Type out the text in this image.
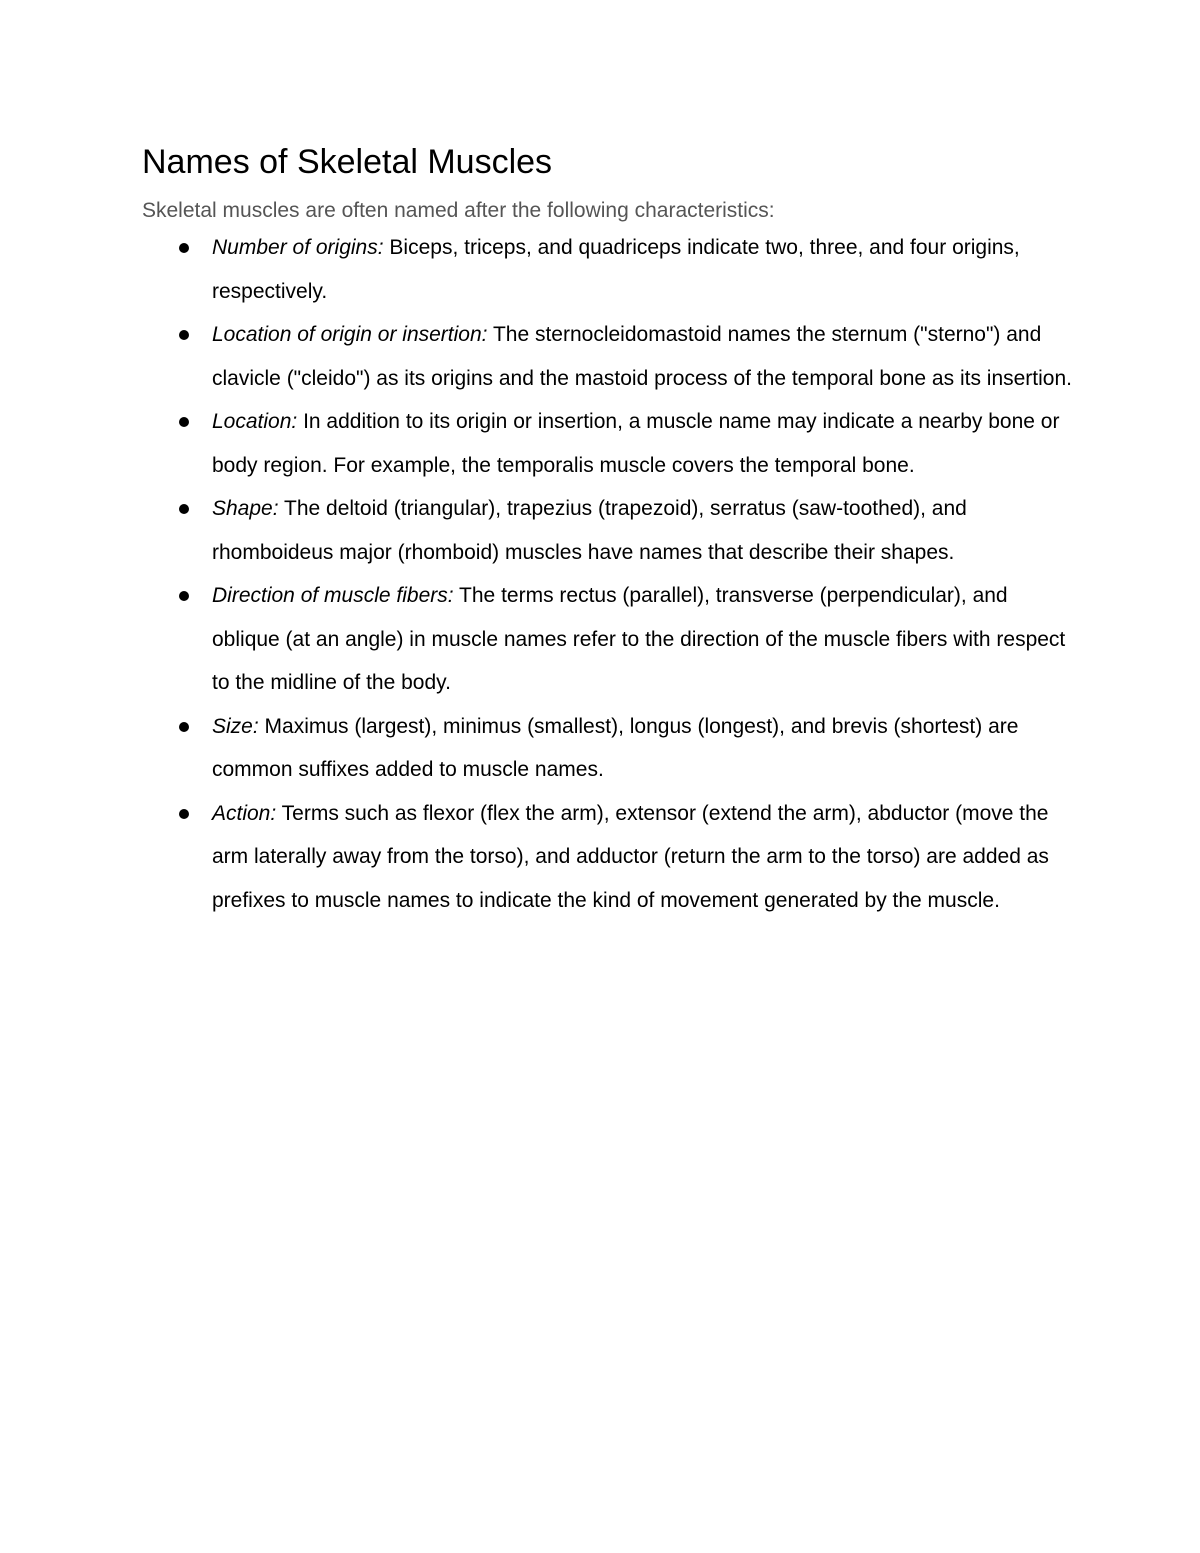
Names of Skeletal Muscles

Skeletal muscles are often named after the following characteristics:

Number of origins: Biceps, triceps, and quadriceps indicate two, three, and four origins, respectively.
Location of origin or insertion: The sternocleidomastoid names the sternum ("sterno") and clavicle ("cleido") as its origins and the mastoid process of the temporal bone as its insertion.
Location: In addition to its origin or insertion, a muscle name may indicate a nearby bone or body region. For example, the temporalis muscle covers the temporal bone.
Shape: The deltoid (triangular), trapezius (trapezoid), serratus (saw-toothed), and rhomboideus major (rhomboid) muscles have names that describe their shapes.
Direction of muscle fibers: The terms rectus (parallel), transverse (perpendicular), and oblique (at an angle) in muscle names refer to the direction of the muscle fibers with respect to the midline of the body.
Size: Maximus (largest), minimus (smallest), longus (longest), and brevis (shortest) are common suffixes added to muscle names.
Action: Terms such as flexor (flex the arm), extensor (extend the arm), abductor (move the arm laterally away from the torso), and adductor (return the arm to the torso) are added as prefixes to muscle names to indicate the kind of movement generated by the muscle.
